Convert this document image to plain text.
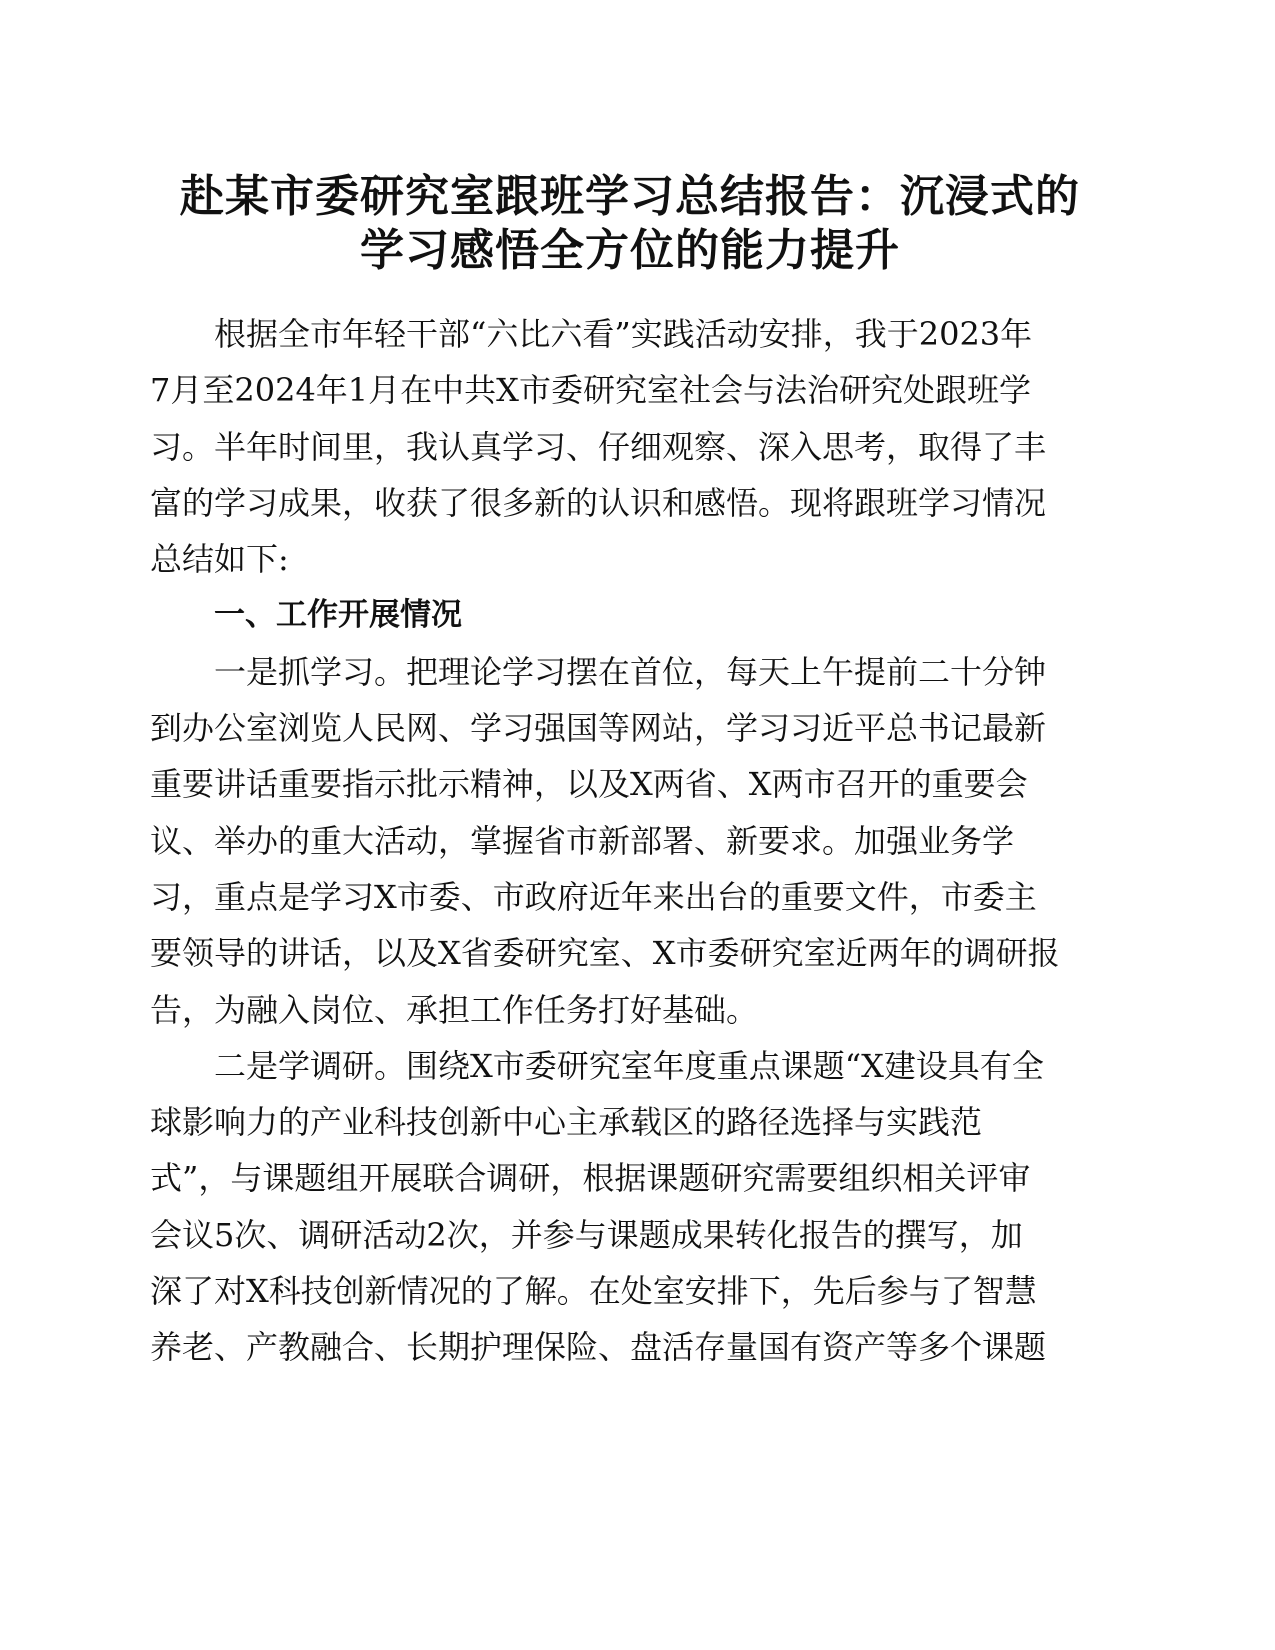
赴某市委研究室跟班学习总结报告：沉浸式的
学习感悟全方位的能力提升

根据全市年轻干部“六比六看”实践活动安排，我于2023年
7月至2024年1月在中共X市委研究室社会与法治研究处跟班学
习。半年时间里，我认真学习、仔细观察、深入思考，取得了丰
富的学习成果，收获了很多新的认识和感悟。现将跟班学习情况
总结如下:

一、工作开展情况

一是抓学习。把理论学习摆在首位，每天上午提前二十分钟
到办公室浏览人民网、学习强国等网站，学习习近平总书记最新
重要讲话重要指示批示精神，以及X两省、X两市召开的重要会
议、举办的重大活动，掌握省市新部署、新要求。加强业务学
习，重点是学习X市委、市政府近年来出台的重要文件，市委主
要领导的讲话，以及X省委研究室、X市委研究室近两年的调研报
告，为融入岗位、承担工作任务打好基础。

二是学调研。围绕X市委研究室年度重点课题“X建设具有全
球影响力的产业科技创新中心主承载区的路径选择与实践范
式”，与课题组开展联合调研，根据课题研究需要组织相关评审
会议5次、调研活动2次，并参与课题成果转化报告的撰写，加
深了对X科技创新情况的了解。在处室安排下，先后参与了智慧
养老、产教融合、长期护理保险、盘活存量国有资产等多个课题
